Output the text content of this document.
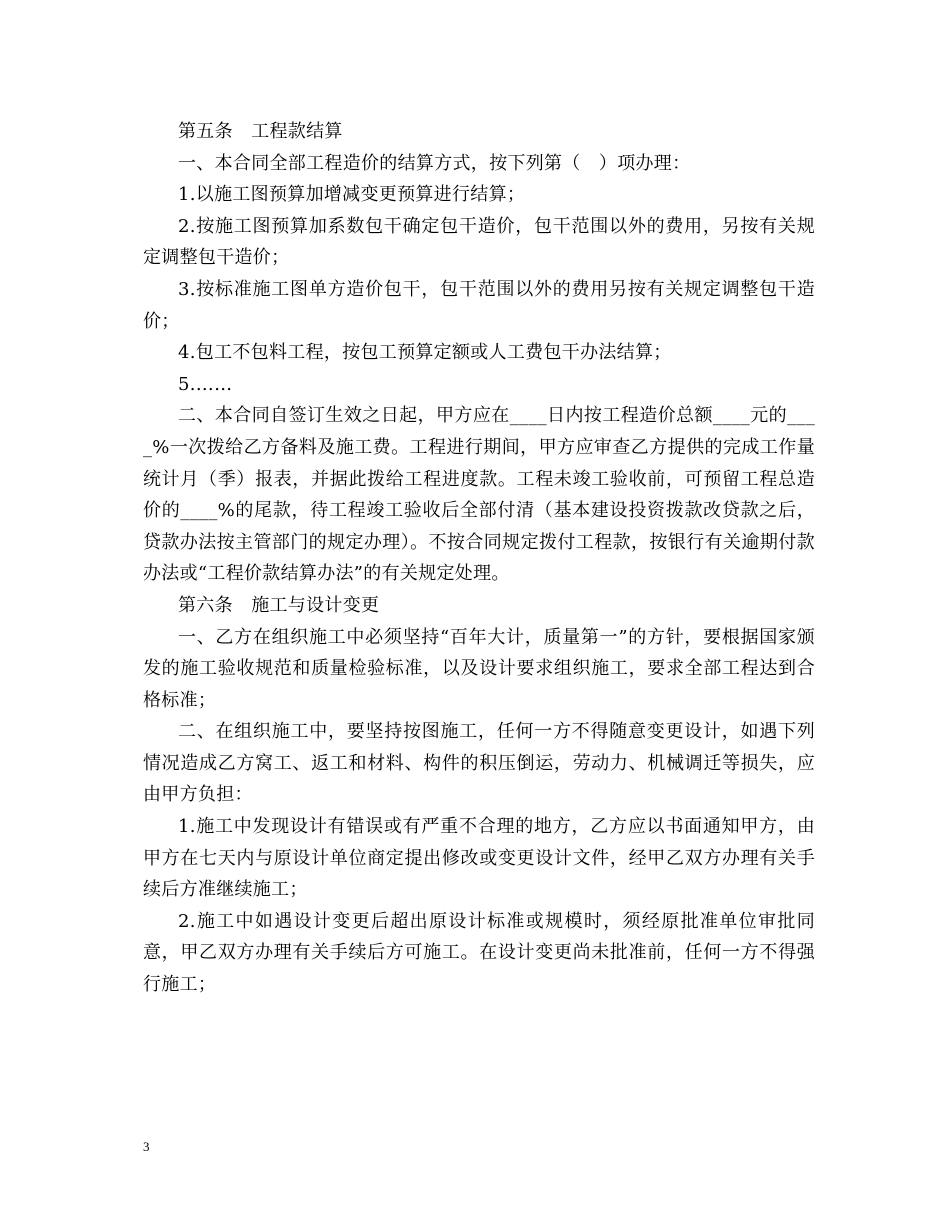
第五条　工程款结算

一、本合同全部工程造价的结算方式，按下列第（　）项办理：

1.以施工图预算加增减变更预算进行结算；

2.按施工图预算加系数包干确定包干造价，包干范围以外的费用，另按有关规定调整包干造价；

3.按标准施工图单方造价包干，包干范围以外的费用另按有关规定调整包干造价；

4.包工不包料工程，按包工预算定额或人工费包干办法结算；

5.……

二、本合同自签订生效之日起，甲方应在____日内按工程造价总额____元的____%一次拨给乙方备料及施工费。工程进行期间，甲方应审查乙方提供的完成工作量统计月（季）报表，并据此拨给工程进度款。工程未竣工验收前，可预留工程总造价的____%的尾款，待工程竣工验收后全部付清（基本建设投资拨款改贷款之后，贷款办法按主管部门的规定办理）。不按合同规定拨付工程款，按银行有关逾期付款办法或“工程价款结算办法”的有关规定处理。

第六条　施工与设计变更

一、乙方在组织施工中必须坚持“百年大计，质量第一”的方针，要根据国家颁发的施工验收规范和质量检验标准，以及设计要求组织施工，要求全部工程达到合格标准；

二、在组织施工中，要坚持按图施工，任何一方不得随意变更设计，如遇下列情况造成乙方窝工、返工和材料、构件的积压倒运，劳动力、机械调迁等损失，应由甲方负担：

1.施工中发现设计有错误或有严重不合理的地方，乙方应以书面通知甲方，由甲方在七天内与原设计单位商定提出修改或变更设计文件，经甲乙双方办理有关手续后方准继续施工；

2.施工中如遇设计变更后超出原设计标准或规模时，须经原批准单位审批同意，甲乙双方办理有关手续后方可施工。在设计变更尚未批准前，任何一方不得强行施工；

3
